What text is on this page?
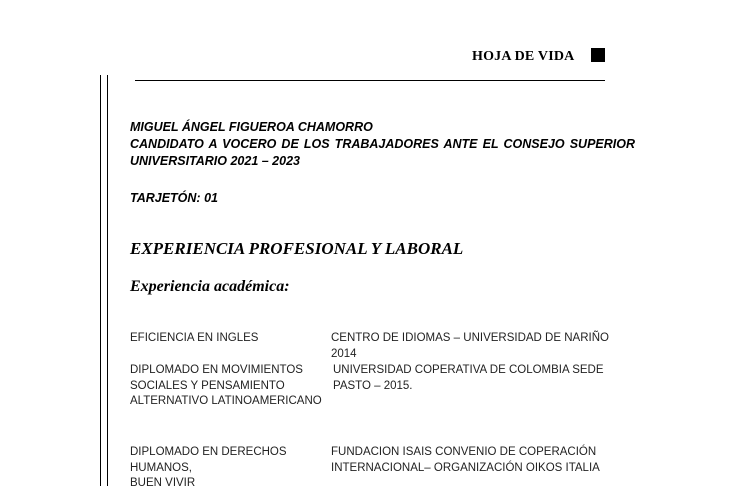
HOJA DE VIDA
MIGUEL ÁNGEL FIGUEROA CHAMORRO
CANDIDATO A VOCERO DE LOS TRABAJADORES ANTE EL CONSEJO SUPERIOR UNIVERSITARIO 2021 – 2023
TARJETÓN: 01
EXPERIENCIA PROFESIONAL Y LABORAL
Experiencia académica:
EFICIENCIA EN INGLES	CENTRO DE IDIOMAS – UNIVERSIDAD DE NARIÑO 2014
DIPLOMADO EN MOVIMIENTOS
SOCIALES Y PENSAMIENTO
ALTERNATIVO LATINOAMERICANO
UNIVERSIDAD COPERATIVA DE COLOMBIA SEDE
PASTO – 2015.
DIPLOMADO EN DERECHOS
HUMANOS,
BUEN VIVIR
FUNDACION ISAIS CONVENIO DE COPERACIÓN
INTERNACIONAL– ORGANIZACIÓN OIKOS ITALIA
